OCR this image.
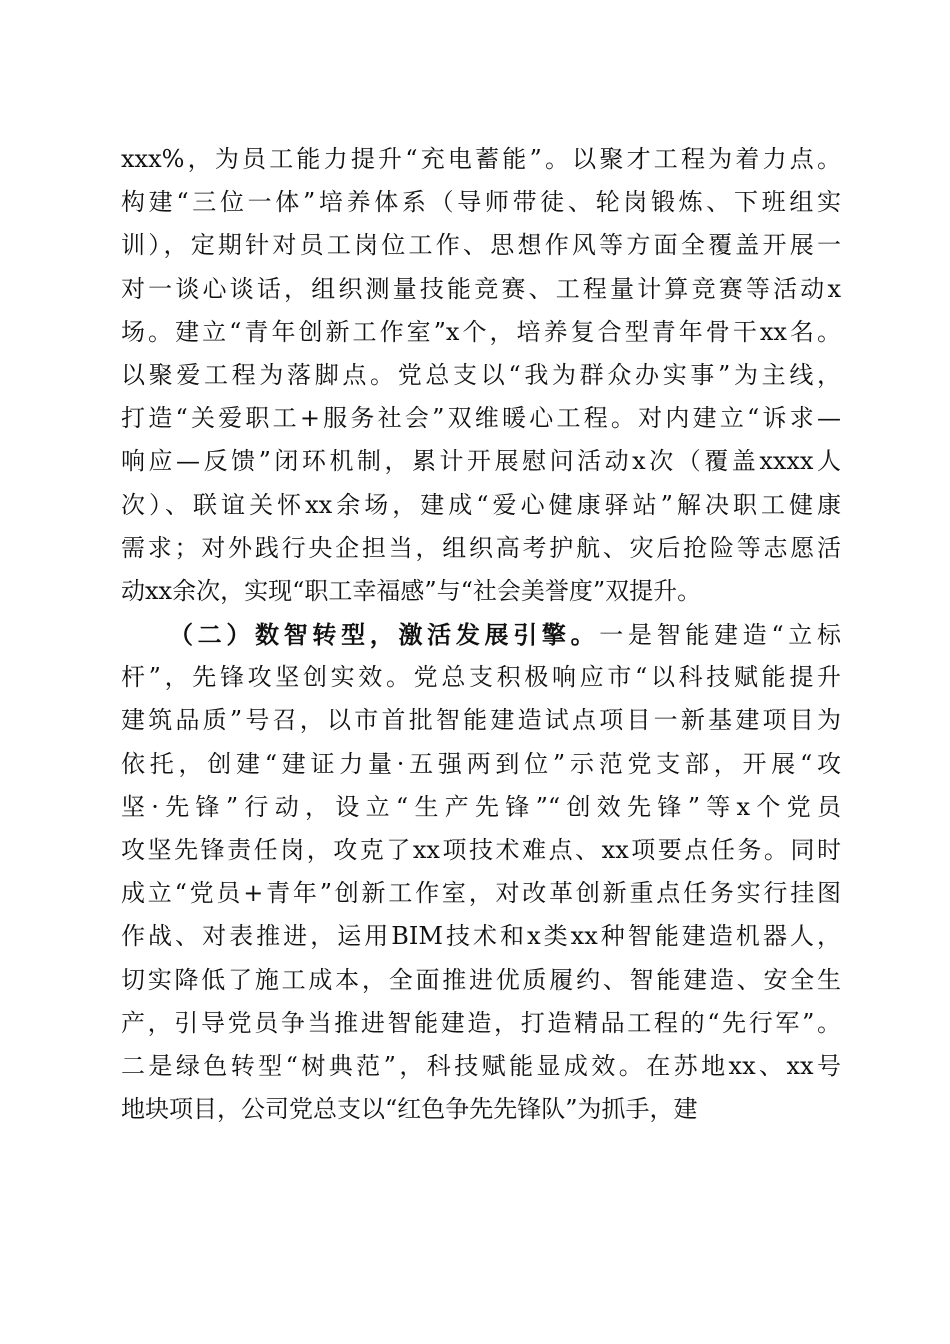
xxx%，为员工能力提升“充电蓄能”。以聚才工程为着力点。
构建“三位一体”培养体系（导师带徒、轮岗锻炼、下班组实
训），定期针对员工岗位工作、思想作风等方面全覆盖开展一
对一谈心谈话，组织测量技能竞赛、工程量计算竞赛等活动x
场。建立“青年创新工作室”x个，培养复合型青年骨干xx名。
以聚爱工程为落脚点。党总支以“我为群众办实事”为主线，
打造“关爱职工+服务社会”双维暖心工程。对内建立“诉求—
响应—反馈”闭环机制，累计开展慰问活动x次（覆盖xxxx人
次）、联谊关怀xx余场，建成“爱心健康驿站”解决职工健康
需求；对外践行央企担当，组织高考护航、灾后抢险等志愿活
动xx余次，实现“职工幸福感”与“社会美誉度”双提升。
（二）数智转型，激活发展引擎。一是智能建造“立标
杆”，先锋攻坚创实效。党总支积极响应市“以科技赋能提升
建筑品质”号召，以市首批智能建造试点项目一新基建项目为
依托，创建“建证力量·五强两到位”示范党支部，开展“攻
坚·先锋”行动，设立“生产先锋”“创效先锋”等x个党员
攻坚先锋责任岗，攻克了xx项技术难点、xx项要点任务。同时
成立“党员+青年”创新工作室，对改革创新重点任务实行挂图
作战、对表推进，运用BIM技术和x类xx种智能建造机器人，
切实降低了施工成本，全面推进优质履约、智能建造、安全生
产，引导党员争当推进智能建造，打造精品工程的“先行军”。
二是绿色转型“树典范”，科技赋能显成效。在苏地xx、xx号
地块项目，公司党总支以“红色争先先锋队”为抓手，建
